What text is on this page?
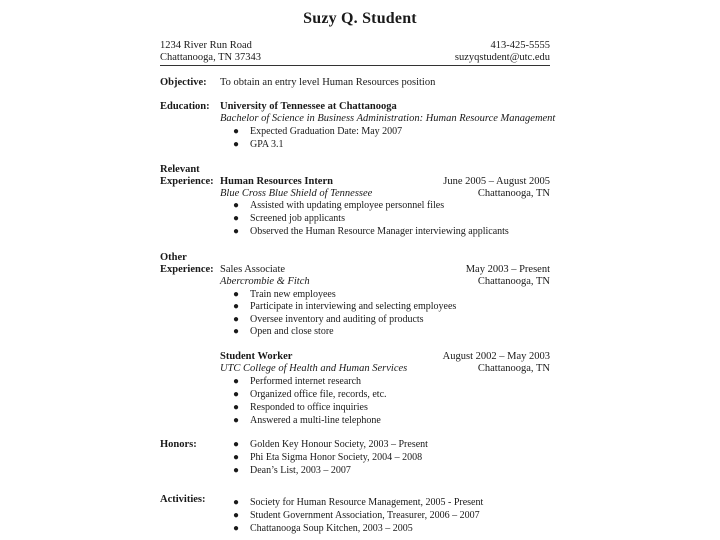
Suzy Q. Student
1234 River Run Road	413-425-5555
Chattanooga, TN 37343	suzyqstudent@utc.edu
Objective: To obtain an entry level Human Resources position
Education: University of Tennessee at Chattanooga
Bachelor of Science in Business Administration: Human Resource Management
● Expected Graduation Date: May 2007
● GPA 3.1
Relevant
Experience: Human Resources Intern	June 2005 – August 2005
Blue Cross Blue Shield of Tennessee	Chattanooga, TN
● Assisted with updating employee personnel files
● Screened job applicants
● Observed the Human Resource Manager interviewing applicants
Other
Experience: Sales Associate	May 2003 – Present
Abercrombie & Fitch	Chattanooga, TN
● Train new employees
● Participate in interviewing and selecting employees
● Oversee inventory and auditing of products
● Open and close store
Student Worker	August 2002 – May 2003
UTC College of Health and Human Services	Chattanooga, TN
● Performed internet research
● Organized office file, records, etc.
● Responded to office inquiries
● Answered a multi-line telephone
Honors:	● Golden Key Honour Society, 2003 – Present
● Phi Eta Sigma Honor Society, 2004 – 2008
● Dean’s List, 2003 – 2007
Activities:	● Society for Human Resource Management, 2005 - Present
● Student Government Association, Treasurer, 2006 – 2007
● Chattanooga Soup Kitchen, 2003 – 2005
